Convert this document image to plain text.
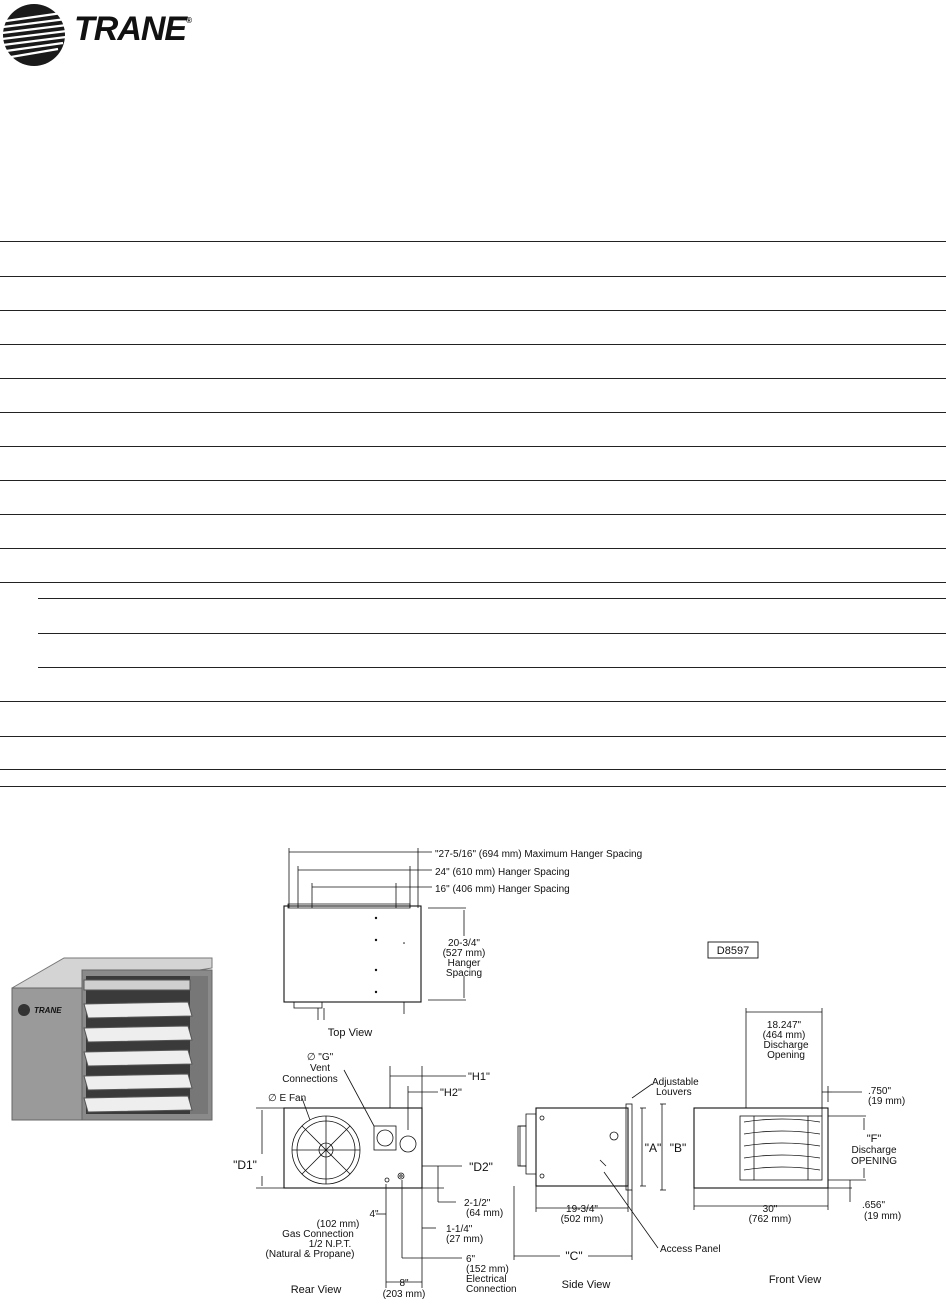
TRANE®
TRANE
"27-5/16" (694 mm) Maximum Hanger Spacing
24" (610 mm) Hanger Spacing
16" (406 mm) Hanger Spacing
20-3/4"
(527 mm)
Hanger
Spacing
Top View
D8597
∅ "G"
Vent
Connections
∅ E Fan
"H1"
"H2"
"D1"	"D2"
2-1/2"
(64 mm)
4"
(102 mm)
Gas Connection
1/2 N.P.T.
(Natural & Propane)
1-1/4"
(27 mm)
6"
(152 mm)
Electrical
Connection
8"
(203 mm)
Rear View
Adjustable
Louvers
"A" "B"
19-3/4"
(502 mm)
"C"	Access Panel
Side View
18.247"
(464 mm)
Discharge
Opening
.750"
(19 mm)
"F"
Discharge
OPENING
.656"
(19 mm)
30"
(762 mm)
Front View
